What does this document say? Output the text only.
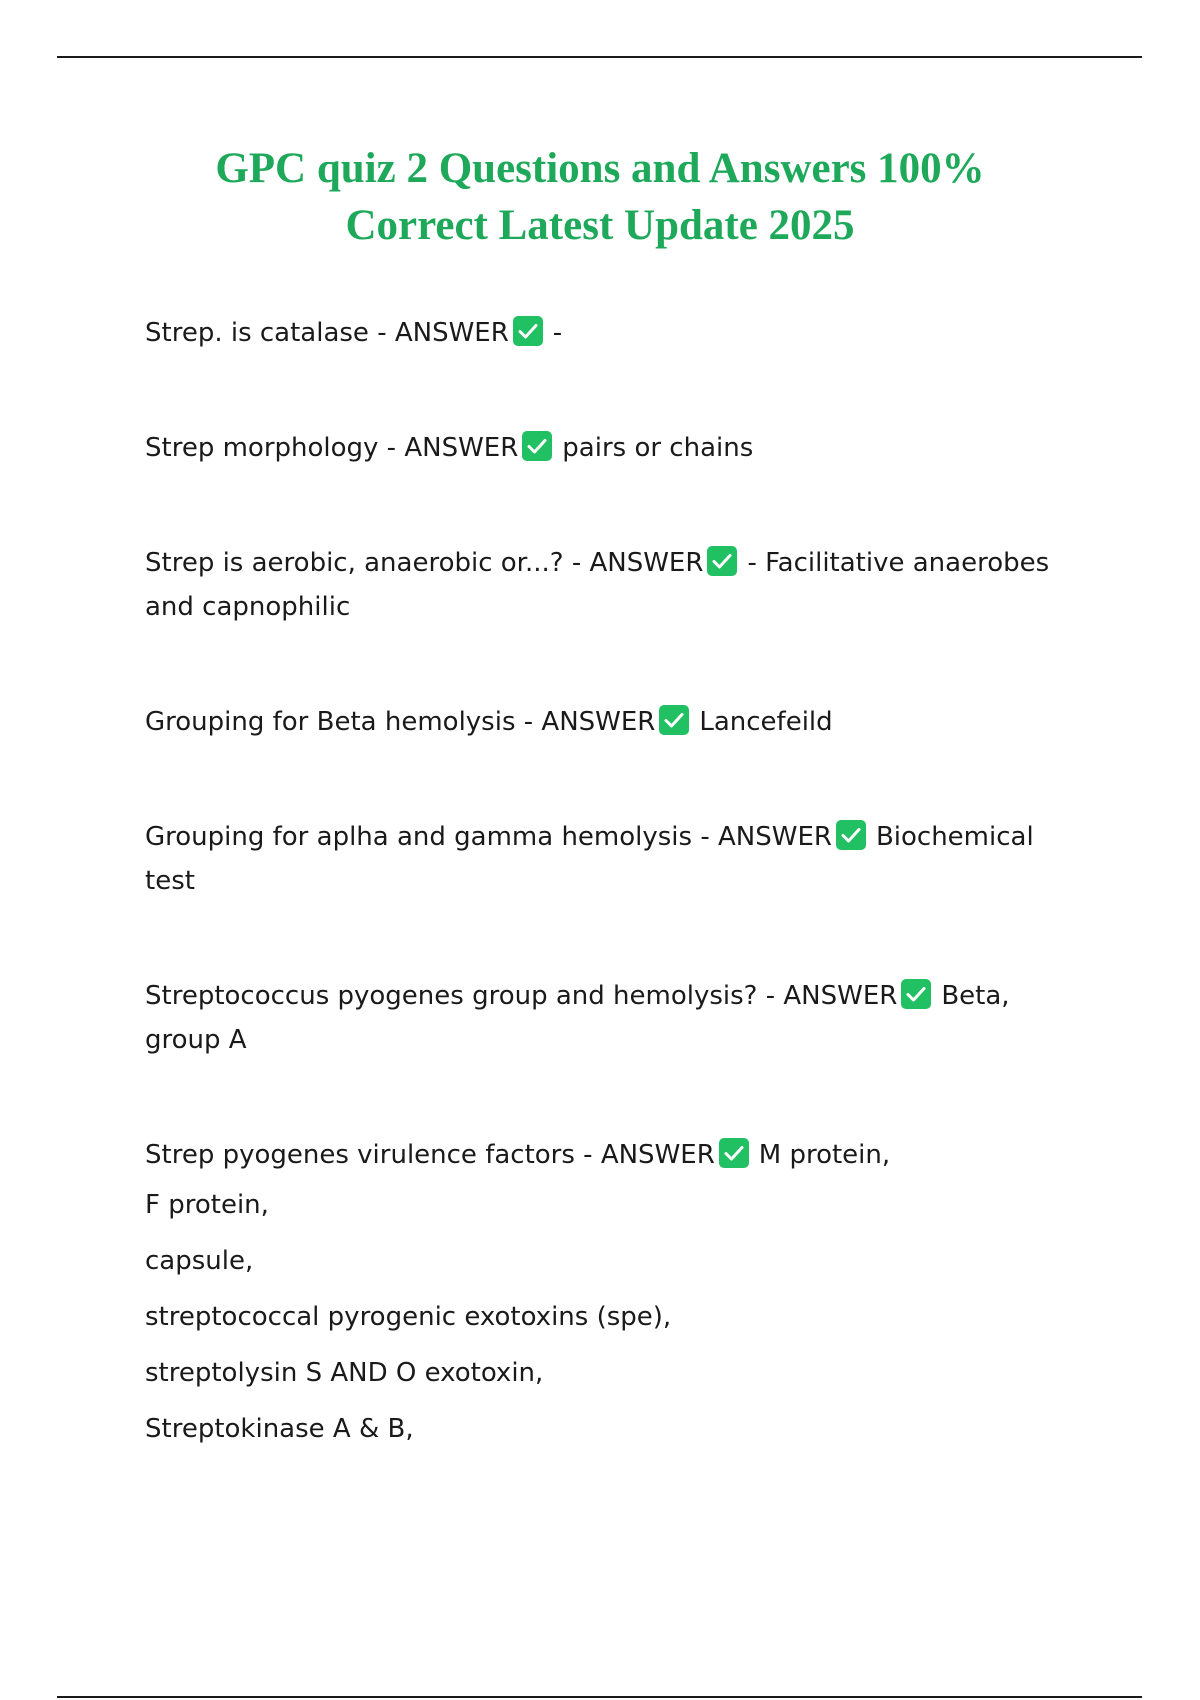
GPC quiz 2 Questions and Answers 100%
Correct Latest Update 2025

Strep. is catalase - ANSWER -

Strep morphology - ANSWER pairs or chains

Strep is aerobic, anaerobic or...? - ANSWER - Facilitative anaerobes and capnophilic

Grouping for Beta hemolysis - ANSWER Lancefeild

Grouping for aplha and gamma hemolysis - ANSWER Biochemical test

Streptococcus pyogenes group and hemolysis? - ANSWER Beta, group A

Strep pyogenes virulence factors - ANSWER M protein,
F protein,
capsule,
streptococcal pyrogenic exotoxins (spe),
streptolysin S AND O exotoxin,
Streptokinase A & B,
